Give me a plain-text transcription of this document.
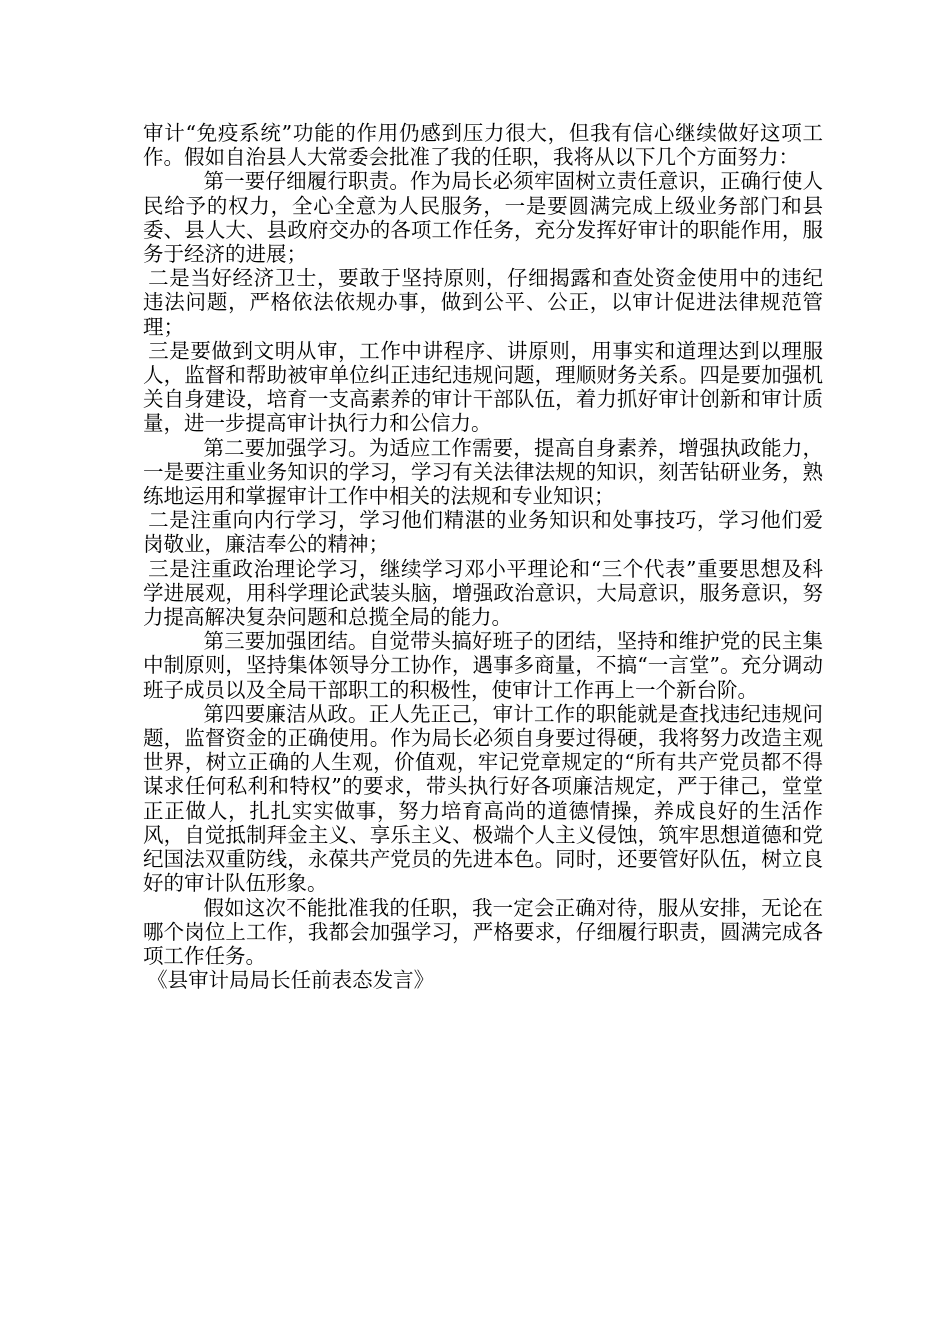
审计“免疫系统”功能的作用仍感到压力很大，但我有信心继续做好这项工作。假如自治县人大常委会批准了我的任职，我将从以下几个方面努力：

第一要仔细履行职责。作为局长必须牢固树立责任意识，正确行使人民给予的权力，全心全意为人民服务，一是要圆满完成上级业务部门和县委、县人大、县政府交办的各项工作任务，充分发挥好审计的职能作用，服务于经济的进展；

二是当好经济卫士，要敢于坚持原则，仔细揭露和查处资金使用中的违纪违法问题，严格依法依规办事，做到公平、公正，以审计促进法律规范管理；

三是要做到文明从审，工作中讲程序、讲原则，用事实和道理达到以理服人，监督和帮助被审单位纠正违纪违规问题，理顺财务关系。四是要加强机关自身建设，培育一支高素养的审计干部队伍，着力抓好审计创新和审计质量，进一步提高审计执行力和公信力。

第二要加强学习。为适应工作需要，提高自身素养，增强执政能力，一是要注重业务知识的学习，学习有关法律法规的知识，刻苦钻研业务，熟练地运用和掌握审计工作中相关的法规和专业知识；

二是注重向内行学习，学习他们精湛的业务知识和处事技巧，学习他们爱岗敬业，廉洁奉公的精神；

三是注重政治理论学习，继续学习邓小平理论和“三个代表”重要思想及科学进展观，用科学理论武装头脑，增强政治意识，大局意识，服务意识，努力提高解决复杂问题和总揽全局的能力。

第三要加强团结。自觉带头搞好班子的团结，坚持和维护党的民主集中制原则，坚持集体领导分工协作，遇事多商量，不搞“一言堂”。充分调动班子成员以及全局干部职工的积极性，使审计工作再上一个新台阶。

第四要廉洁从政。正人先正己，审计工作的职能就是查找违纪违规问题，监督资金的正确使用。作为局长必须自身要过得硬，我将努力改造主观世界，树立正确的人生观，价值观，牢记党章规定的“所有共产党员都不得谋求任何私利和特权”的要求，带头执行好各项廉洁规定，严于律己，堂堂正正做人，扎扎实实做事，努力培育高尚的道德情操，养成良好的生活作风，自觉抵制拜金主义、享乐主义、极端个人主义侵蚀，筑牢思想道德和党纪国法双重防线，永葆共产党员的先进本色。同时，还要管好队伍，树立良好的审计队伍形象。

假如这次不能批准我的任职，我一定会正确对待，服从安排，无论在哪个岗位上工作，我都会加强学习，严格要求，仔细履行职责，圆满完成各项工作任务。

《县审计局局长任前表态发言》
